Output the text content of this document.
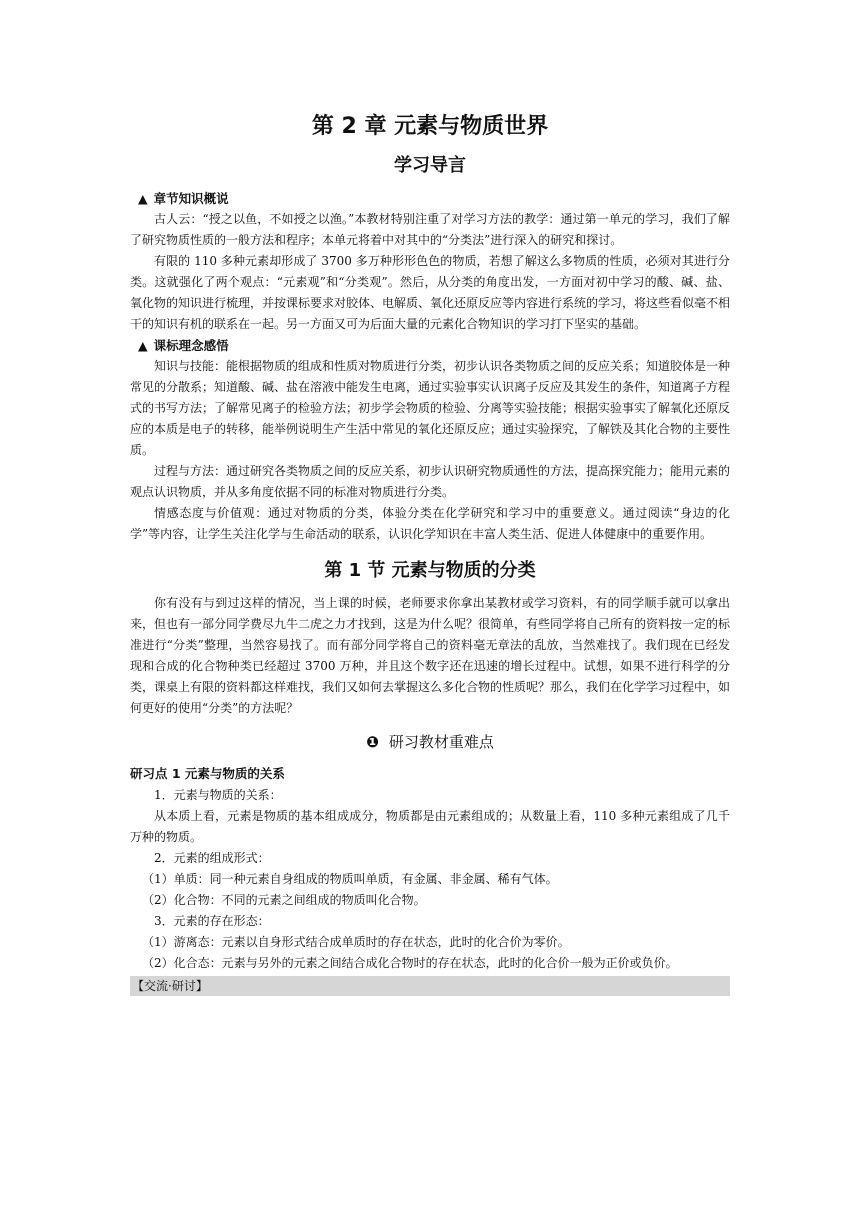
第 2 章 元素与物质世界
学习导言
▲ 章节知识概说

古人云：“授之以鱼，不如授之以渔。”本教材特别注重了对学习方法的教学：通过第一单元的学习，我们了解了研究物质性质的一般方法和程序；本单元将着中对其中的“分类法”进行深入的研究和探讨。

有限的 110 多种元素却形成了 3700 多万种形形色色的物质，若想了解这么多物质的性质，必须对其进行分类。这就强化了两个观点：“元素观”和“分类观”。然后，从分类的角度出发，一方面对初中学习的酸、碱、盐、氧化物的知识进行梳理，并按课标要求对胶体、电解质、氧化还原反应等内容进行系统的学习，将这些看似毫不相干的知识有机的联系在一起。另一方面又可为后面大量的元素化合物知识的学习打下坚实的基础。

▲ 课标理念感悟

知识与技能：能根据物质的组成和性质对物质进行分类，初步认识各类物质之间的反应关系；知道胶体是一种常见的分散系；知道酸、碱、盐在溶液中能发生电离，通过实验事实认识离子反应及其发生的条件，知道离子方程式的书写方法；了解常见离子的检验方法；初步学会物质的检验、分离等实验技能；根据实验事实了解氧化还原反应的本质是电子的转移，能举例说明生产生活中常见的氧化还原反应；通过实验探究，了解铁及其化合物的主要性质。

过程与方法：通过研究各类物质之间的反应关系，初步认识研究物质通性的方法，提高探究能力；能用元素的观点认识物质，并从多角度依据不同的标准对物质进行分类。

情感态度与价值观：通过对物质的分类，体验分类在化学研究和学习中的重要意义。通过阅读“身边的化学”等内容，让学生关注化学与生命活动的联系，认识化学知识在丰富人类生活、促进人体健康中的重要作用。

第 1 节 元素与物质的分类

你有没有与到过这样的情况，当上课的时候，老师要求你拿出某教材或学习资料，有的同学顺手就可以拿出来，但也有一部分同学费尽九牛二虎之力才找到，这是为什么呢？很简单，有些同学将自己所有的资料按一定的标准进行“分类”整理，当然容易找了。而有部分同学将自己的资料毫无章法的乱放，当然难找了。我们现在已经发现和合成的化合物种类已经超过 3700 万种，并且这个数字还在迅速的增长过程中。试想，如果不进行科学的分类，课桌上有限的资料都这样难找，我们又如何去掌握这么多化合物的性质呢？那么，我们在化学学习过程中，如何更好的使用“分类”的方法呢？

❶ 研习教材重难点
研习点 1 元素与物质的关系

1．元素与物质的关系：

从本质上看，元素是物质的基本组成成分，物质都是由元素组成的；从数量上看，110 多种元素组成了几千万种的物质。

2．元素的组成形式：

（1）单质：同一种元素自身组成的物质叫单质，有金属、非金属、稀有气体。

（2）化合物：不同的元素之间组成的物质叫化合物。

3．元素的存在形态：

（1）游离态：元素以自身形式结合成单质时的存在状态，此时的化合价为零价。

（2）化合态：元素与另外的元素之间结合成化合物时的存在状态，此时的化合价一般为正价或负价。

【交流·研讨】
